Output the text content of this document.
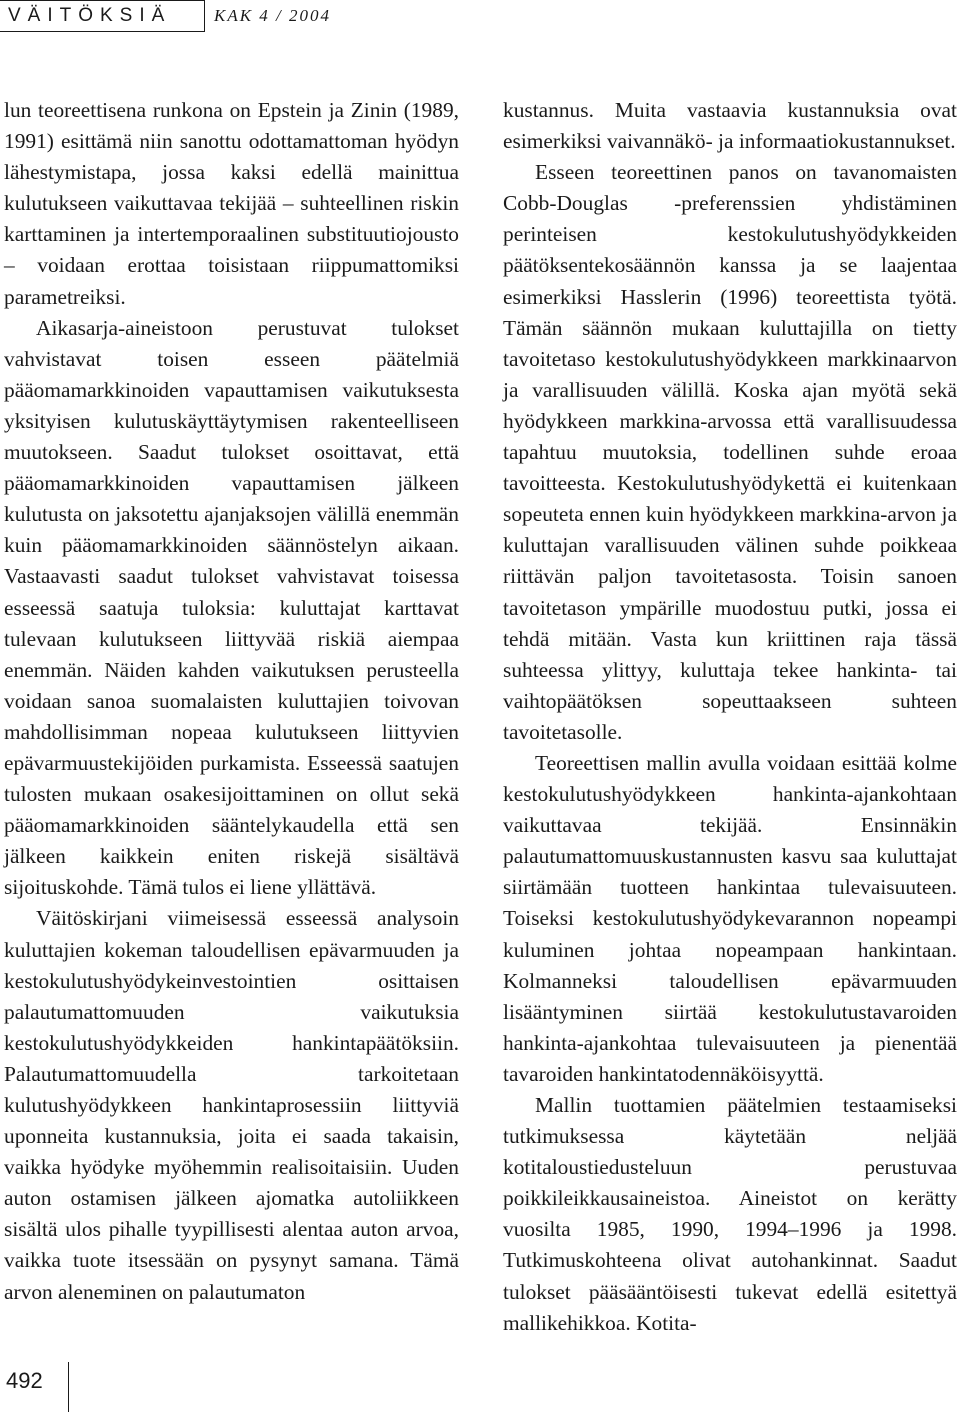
VÄITÖKSIÄ	KAK 4 / 2004

lun teoreettisena runkona on Epstein ja Zinin (1989, 1991) esittämä niin sanottu odottamattoman hyödyn lähestymistapa, jossa kaksi edellä mainittua kulutukseen vaikuttavaa tekijää – suhteellinen riskin karttaminen ja intertemporaalinen substituutiojousto – voidaan erottaa toisistaan riippumattomiksi parametreiksi.

Aikasarja-aineistoon perustuvat tulokset vahvistavat toisen esseen päätelmiä pääomamarkkinoiden vapauttamisen vaikutuksesta yksityisen kulutuskäyttäytymisen rakenteelliseen muutokseen. Saadut tulokset osoittavat, että pääomamarkkinoiden vapauttamisen jälkeen kulutusta on jaksotettu ajanjaksojen välillä enemmän kuin pääomamarkkinoiden säännöstelyn aikaan. Vastaavasti saadut tulokset vahvistavat toisessa esseessä saatuja tuloksia: kuluttajat karttavat tulevaan kulutukseen liittyvää riskiä aiempaa enemmän. Näiden kahden vaikutuksen perusteella voidaan sanoa suomalaisten kuluttajien toivovan mahdollisimman nopeaa kulutukseen liittyvien epävarmuustekijöiden purkamista. Esseessä saatujen tulosten mukaan osakesijoittaminen on ollut sekä pääomamarkkinoiden sääntelykaudella että sen jälkeen kaikkein eniten riskejä sisältävä sijoituskohde. Tämä tulos ei liene yllättävä.

Väitöskirjani viimeisessä esseessä analysoin kuluttajien kokeman taloudellisen epävarmuuden ja kestokulutushyödykeinvestointien osittaisen palautumattomuuden vaikutuksia kestokulutushyödykkeiden hankintapäätöksiin. Palautumattomuudella tarkoitetaan kulutushyödykkeen hankintaprosessiin liittyviä uponneita kustannuksia, joita ei saada takaisin, vaikka hyödyke myöhemmin realisoitaisiin. Uuden auton ostamisen jälkeen ajomatka autoliikkeen sisältä ulos pihalle tyypillisesti alentaa auton arvoa, vaikka tuote itsessään on pysynyt samana. Tämä arvon aleneminen on palautumaton

kustannus. Muita vastaavia kustannuksia ovat esimerkiksi vaivannäkö- ja informaatiokustannukset.

Esseen teoreettinen panos on tavanomaisten Cobb-Douglas -preferenssien yhdistäminen perinteisen kestokulutushyödykkeiden päätöksentekosäännön kanssa ja se laajentaa esimerkiksi Hasslerin (1996) teoreettista työtä. Tämän säännön mukaan kuluttajilla on tietty tavoitetaso kestokulutushyödykkeen markkinaarvon ja varallisuuden välillä. Koska ajan myötä sekä hyödykkeen markkina-arvossa että varallisuudessa tapahtuu muutoksia, todellinen suhde eroaa tavoitteesta. Kestokulutushyödykettä ei kuitenkaan sopeuteta ennen kuin hyödykkeen markkina-arvon ja kuluttajan varallisuuden välinen suhde poikkeaa riittävän paljon tavoitetasosta. Toisin sanoen tavoitetason ympärille muodostuu putki, jossa ei tehdä mitään. Vasta kun kriittinen raja tässä suhteessa ylittyy, kuluttaja tekee hankinta- tai vaihtopäätöksen sopeuttaakseen suhteen tavoitetasolle.

Teoreettisen mallin avulla voidaan esittää kolme kestokulutushyödykkeen hankinta-ajankohtaan vaikuttavaa tekijää. Ensinnäkin palautumattomuuskustannusten kasvu saa kuluttajat siirtämään tuotteen hankintaa tulevaisuuteen. Toiseksi kestokulutushyödykevarannon nopeampi kuluminen johtaa nopeampaan hankintaan. Kolmanneksi taloudellisen epävarmuuden lisääntyminen siirtää kestokulutustavaroiden hankinta-ajankohtaa tulevaisuuteen ja pienentää tavaroiden hankintatodennäköisyyttä.

Mallin tuottamien päätelmien testaamiseksi tutkimuksessa käytetään neljää kotitaloustiedusteluun perustuvaa poikkileikkausaineistoa. Aineistot on kerätty vuosilta 1985, 1990, 1994–1996 ja 1998. Tutkimuskohteena olivat autohankinnat. Saadut tulokset pääsääntöisesti tukevat edellä esitettyä mallikehikkoa. Kotita-

492
